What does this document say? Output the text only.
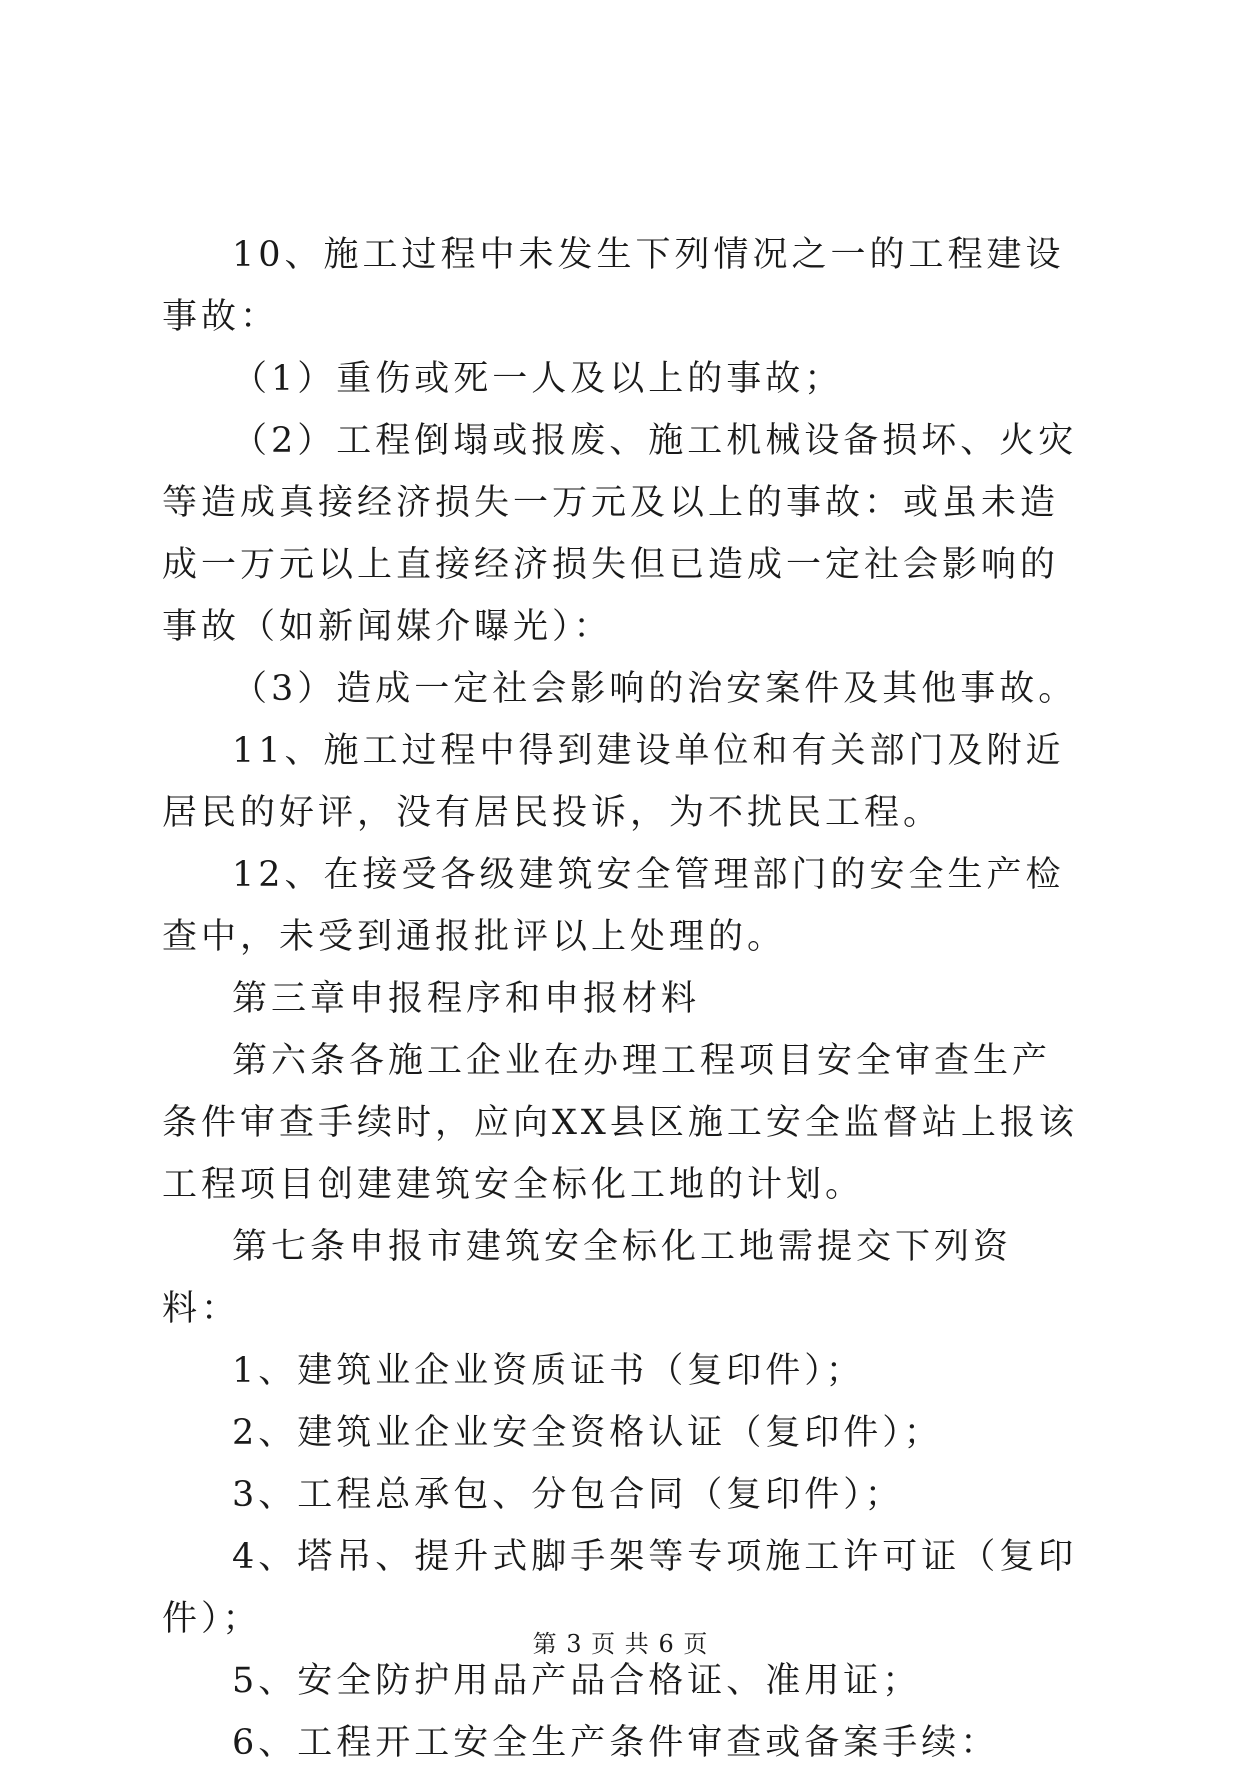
10、施工过程中未发生下列情况之一的工程建设事故：

（1）重伤或死一人及以上的事故；

（2）工程倒塌或报废、施工机械设备损坏、火灾等造成真接经济损失一万元及以上的事故：或虽未造成一万元以上直接经济损失但已造成一定社会影响的事故（如新闻媒介曝光）：

（3）造成一定社会影响的治安案件及其他事故。

11、施工过程中得到建设单位和有关部门及附近居民的好评，没有居民投诉，为不扰民工程。

12、在接受各级建筑安全管理部门的安全生产检查中，未受到通报批评以上处理的。

第三章申报程序和申报材料

第六条各施工企业在办理工程项目安全审查生产条件审查手续时，应向XX县区施工安全监督站上报该工程项目创建建筑安全标化工地的计划。

第七条申报市建筑安全标化工地需提交下列资料：

1、建筑业企业资质证书（复印件）；

2、建筑业企业安全资格认证（复印件）；

3、工程总承包、分包合同（复印件）；

4、塔吊、提升式脚手架等专项施工许可证（复印件）；

5、安全防护用品产品合格证、准用证；

6、工程开工安全生产条件审查或备案手续：

第 3 页 共 6 页
